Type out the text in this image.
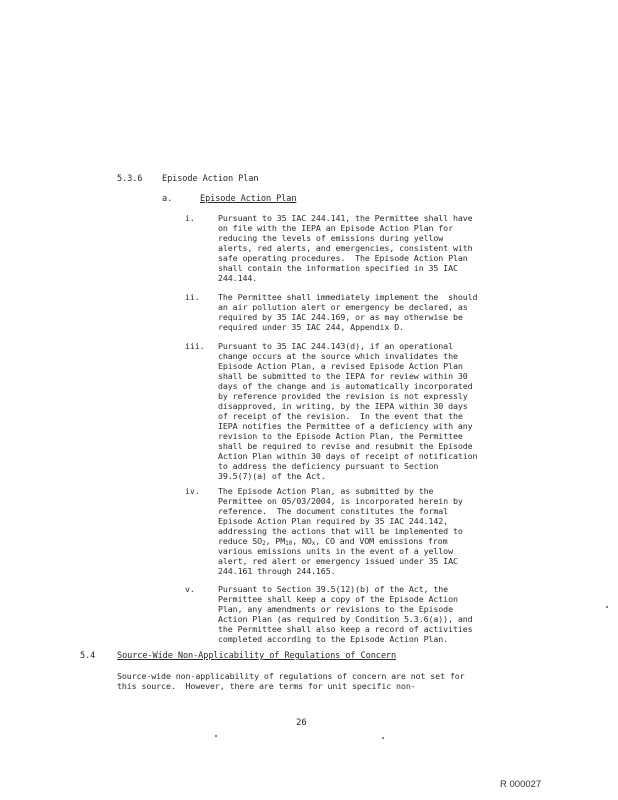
5.3.6 Episode Action Plan
a.	Episode Action Plan
i.	Pursuant to 35 IAC 244.141, the Permittee shall have
on file with the IEPA an Episode Action Plan for
reducing the levels of emissions during yellow
alerts, red alerts, and emergencies, consistent with
safe operating procedures.  The Episode Action Plan
shall contain the information specified in 35 IAC
244.144.
ii. The Permittee shall immediately implement the  should
an air pollution alert or emergency be declared, as
required by 35 IAC 244.169, or as may otherwise be
required under 35 IAC 244, Appendix D.
iii. Pursuant to 35 IAC 244.143(d), if an operational
change occurs at the source which invalidates the
Episode Action Plan, a revised Episode Action Plan
shall be submitted to the IEPA for review within 30
days of the change and is automatically incorporated
by reference provided the revision is not expressly
disapproved, in writing, by the IEPA within 30 days
of receipt of the revision.  In the event that the
IEPA notifies the Permittee of a deficiency with any
revision to the Episode Action Plan, the Permittee
shall be required to revise and resubmit the Episode
Action Plan within 30 days of receipt of notification
to address the deficiency pursuant to Section
39.5(7)(a) of the Act.
iv. The Episode Action Plan, as submitted by the
Permittee on 05/03/2004, is incorporated herein by
reference.  The document constitutes the formal
Episode Action Plan required by 35 IAC 244.142,
addressing the actions that will be implemented to
reduce $SO_2$, $PM_{10}$, $NO_x$, CO and VOM emissions from
various emissions units in the event of a yellow
alert, red alert or emergency issued under 35 IAC
244.161 through 244.165.
v.	Pursuant to Section 39.5(12)(b) of the Act, the
Permittee shall keep a copy of the Episode Action
Plan, any amendments or revisions to the Episode
Action Plan (as required by Condition 5.3.6(a)), and
the Permittee shall also keep a record of activities
completed according to the Episode Action Plan.
5.4	Source-Wide Non-Applicability of Regulations of Concern
Source-wide non-applicability of regulations of concern are not set for
this source.  However, there are terms for unit specific non-
26
R 000027
